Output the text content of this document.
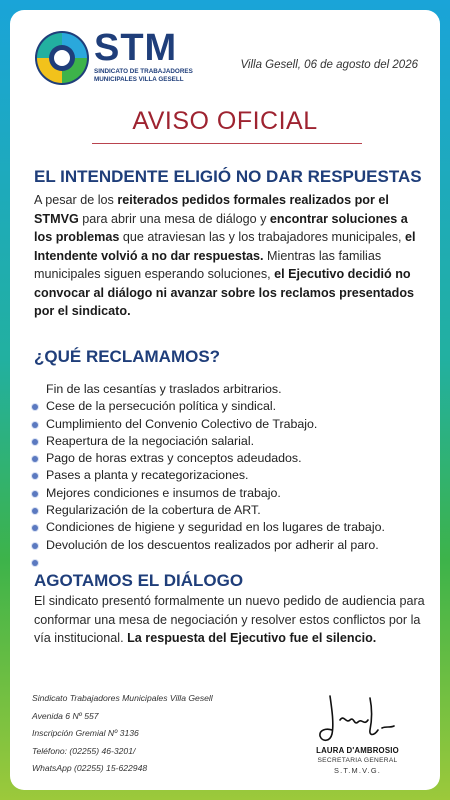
STM
SINDICATO DE TRABAJADORES
MUNICIPALES VILLA GESELL
Villa Gesell, 06 de agosto del 2026
AVISO OFICIAL
EL INTENDENTE ELIGIÓ NO DAR RESPUESTAS
A pesar de los reiterados pedidos formales realizados por el STMVG para abrir una mesa de diálogo y encontrar soluciones a los problemas que atraviesan las y los trabajadores municipales, el Intendente volvió a no dar respuestas. Mientras las familias municipales siguen esperando soluciones, el Ejecutivo decidió no convocar al diálogo ni avanzar sobre los reclamos presentados por el sindicato.
¿QUÉ RECLAMAMOS?
Fin de las cesantías y traslados arbitrarios.
Cese de la persecución política y sindical.
Cumplimiento del Convenio Colectivo de Trabajo.
Reapertura de la negociación salarial.
Pago de horas extras y conceptos adeudados.
Pases a planta y recategorizaciones.
Mejores condiciones e insumos de trabajo.
Regularización de la cobertura de ART.
Condiciones de higiene y seguridad en los lugares de trabajo.
Devolución de los descuentos realizados por adherir al paro.
AGOTAMOS EL DIÁLOGO
El sindicato presentó formalmente un nuevo pedido de audiencia para conformar una mesa de negociación y resolver estos conflictos por la vía institucional. La respuesta del Ejecutivo fue el silencio.
Sindicato Trabajadores Municipales Villa Gesell
Avenida 6 Nº 557
Inscripción Gremial Nº 3136
Teléfono: (02255) 46-3201/
WhatsApp (02255) 15-622948
LAURA D'AMBROSIO
SECRETARIA GENERAL
S.T.M.V.G.
